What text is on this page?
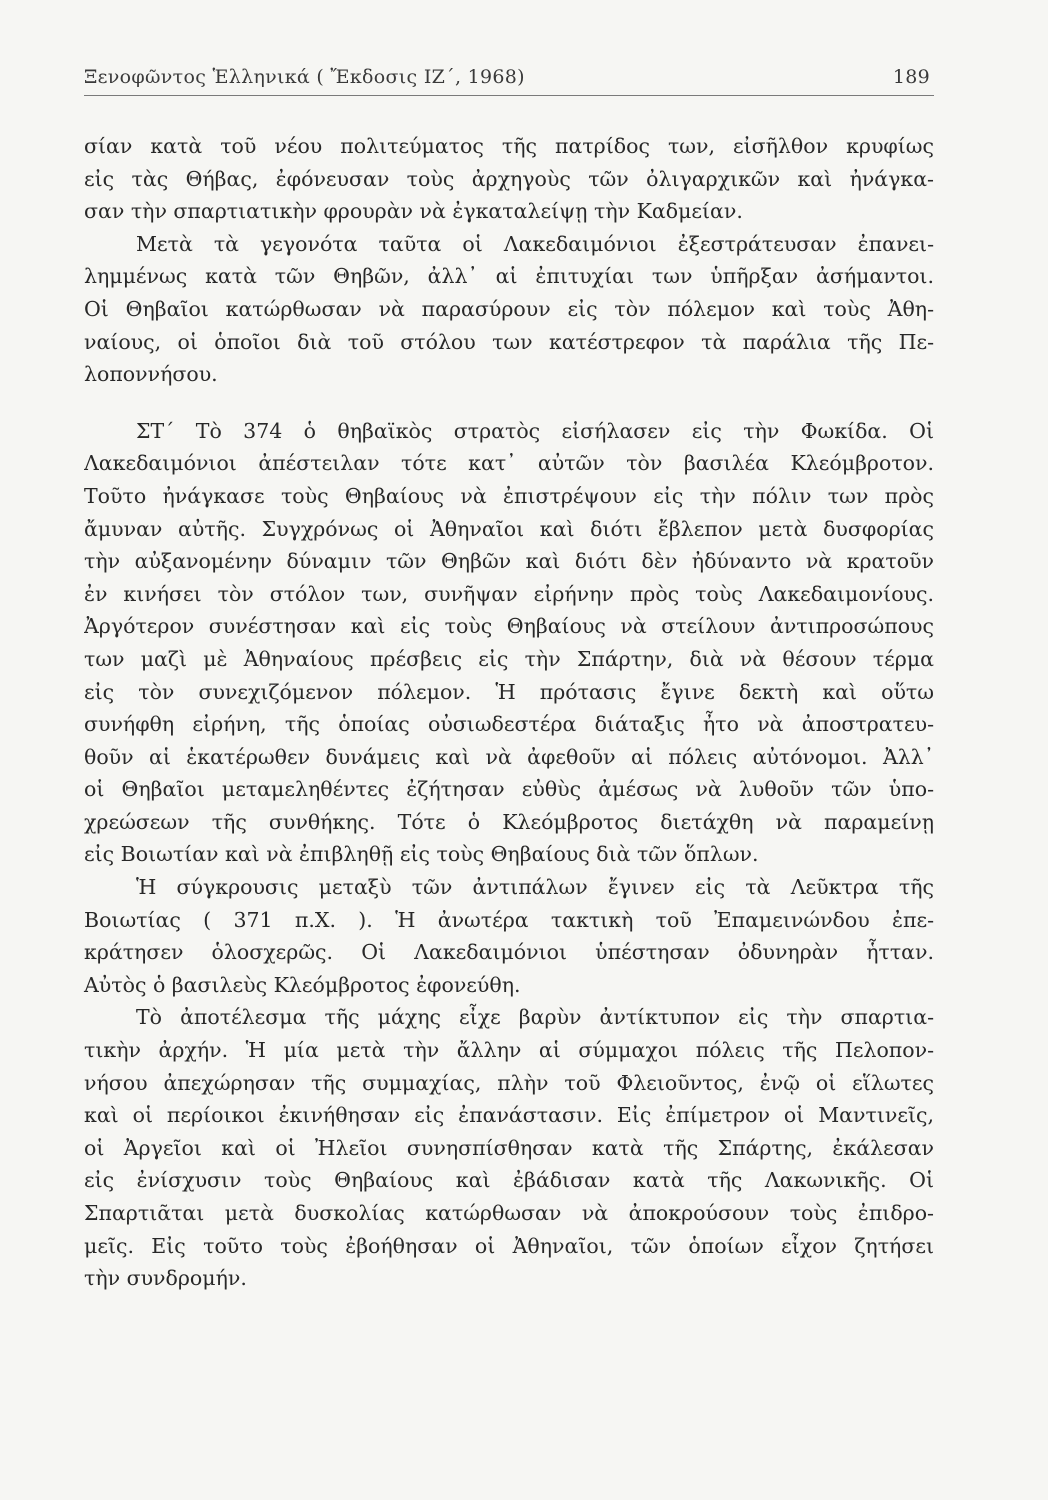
Ξενοφῶντος Ἑλληνικά ( Ἔκδοσις ΙΖ΄, 1968)	189
σίαν κατὰ τοῦ νέου πολιτεύματος τῆς πατρίδος των, εἰσῆλθον κρυφίως
εἰς τὰς Θήβας, ἐφόνευσαν τοὺς ἀρχηγοὺς τῶν ὀλιγαρχικῶν καὶ ἠνάγκα-
σαν τὴν σπαρτιατικὴν φρουρὰν νὰ ἐγκαταλείψῃ τὴν Καδμείαν.
Μετὰ τὰ γεγονότα ταῦτα οἱ Λακεδαιμόνιοι ἐξεστράτευσαν ἐπανει-
λημμένως κατὰ τῶν Θηβῶν, ἀλλ᾽ αἱ ἐπιτυχίαι των ὑπῆρξαν ἀσήμαντοι.
Οἱ Θηβαῖοι κατώρθωσαν νὰ παρασύρουν εἰς τὸν πόλεμον καὶ τοὺς Ἀθη-
ναίους, οἱ ὁποῖοι διὰ τοῦ στόλου των κατέστρεφον τὰ παράλια τῆς Πε-
λοποννήσου.
ΣΤ΄ Τὸ 374 ὁ θηβαϊκὸς στρατὸς εἰσήλασεν εἰς τὴν Φωκίδα. Οἱ
Λακεδαιμόνιοι ἀπέστειλαν τότε κατ᾽ αὐτῶν τὸν βασιλέα Κλεόμβροτον.
Τοῦτο ἠνάγκασε τοὺς Θηβαίους νὰ ἐπιστρέψουν εἰς τὴν πόλιν των πρὸς
ἄμυναν αὐτῆς. Συγχρόνως οἱ Ἀθηναῖοι καὶ διότι ἔβλεπον μετὰ δυσφορίας
τὴν αὐξανομένην δύναμιν τῶν Θηβῶν καὶ διότι δὲν ἠδύναντο νὰ κρατοῦν
ἐν κινήσει τὸν στόλον των, συνῆψαν εἰρήνην πρὸς τοὺς Λακεδαιμονίους.
Ἀργότερον συνέστησαν καὶ εἰς τοὺς Θηβαίους νὰ στείλουν ἀντιπροσώπους
των μαζὶ μὲ Ἀθηναίους πρέσβεις εἰς τὴν Σπάρτην, διὰ νὰ θέσουν τέρμα
εἰς τὸν συνεχιζόμενον πόλεμον. Ἡ πρότασις ἔγινε δεκτὴ καὶ οὕτω
συνήφθη εἰρήνη, τῆς ὁποίας οὐσιωδεστέρα διάταξις ἦτο νὰ ἀποστρατευ-
θοῦν αἱ ἑκατέρωθεν δυνάμεις καὶ νὰ ἀφεθοῦν αἱ πόλεις αὐτόνομοι. Ἀλλ᾽
οἱ Θηβαῖοι μεταμεληθέντες ἐζήτησαν εὐθὺς ἀμέσως νὰ λυθοῦν τῶν ὑπο-
χρεώσεων τῆς συνθήκης. Τότε ὁ Κλεόμβροτος διετάχθη νὰ παραμείνῃ
εἰς Βοιωτίαν καὶ νὰ ἐπιβληθῇ εἰς τοὺς Θηβαίους διὰ τῶν ὅπλων.
Ἡ σύγκρουσις μεταξὺ τῶν ἀντιπάλων ἔγινεν εἰς τὰ Λεῦκτρα τῆς
Βοιωτίας ( 371 π.Χ. ). Ἡ ἀνωτέρα τακτικὴ τοῦ Ἐπαμεινώνδου ἐπε-
κράτησεν ὁλοσχερῶς. Οἱ Λακεδαιμόνιοι ὑπέστησαν ὀδυνηρὰν ἧτταν.
Αὐτὸς ὁ βασιλεὺς Κλεόμβροτος ἐφονεύθη.
Τὸ ἀποτέλεσμα τῆς μάχης εἶχε βαρὺν ἀντίκτυπον εἰς τὴν σπαρτια-
τικὴν ἀρχήν. Ἡ μία μετὰ τὴν ἄλλην αἱ σύμμαχοι πόλεις τῆς Πελοπον-
νήσου ἀπεχώρησαν τῆς συμμαχίας, πλὴν τοῦ Φλειοῦντος, ἐνῷ οἱ εἵλωτες
καὶ οἱ περίοικοι ἐκινήθησαν εἰς ἐπανάστασιν. Εἰς ἐπίμετρον οἱ Μαντινεῖς,
οἱ Ἀργεῖοι καὶ οἱ Ἠλεῖοι συνησπίσθησαν κατὰ τῆς Σπάρτης, ἐκάλεσαν
εἰς ἐνίσχυσιν τοὺς Θηβαίους καὶ ἐβάδισαν κατὰ τῆς Λακωνικῆς. Οἱ
Σπαρτιᾶται μετὰ δυσκολίας κατώρθωσαν νὰ ἀποκρούσουν τοὺς ἐπιδρο-
μεῖς. Εἰς τοῦτο τοὺς ἐβοήθησαν οἱ Ἀθηναῖοι, τῶν ὁποίων εἶχον ζητήσει
τὴν συνδρομήν.
